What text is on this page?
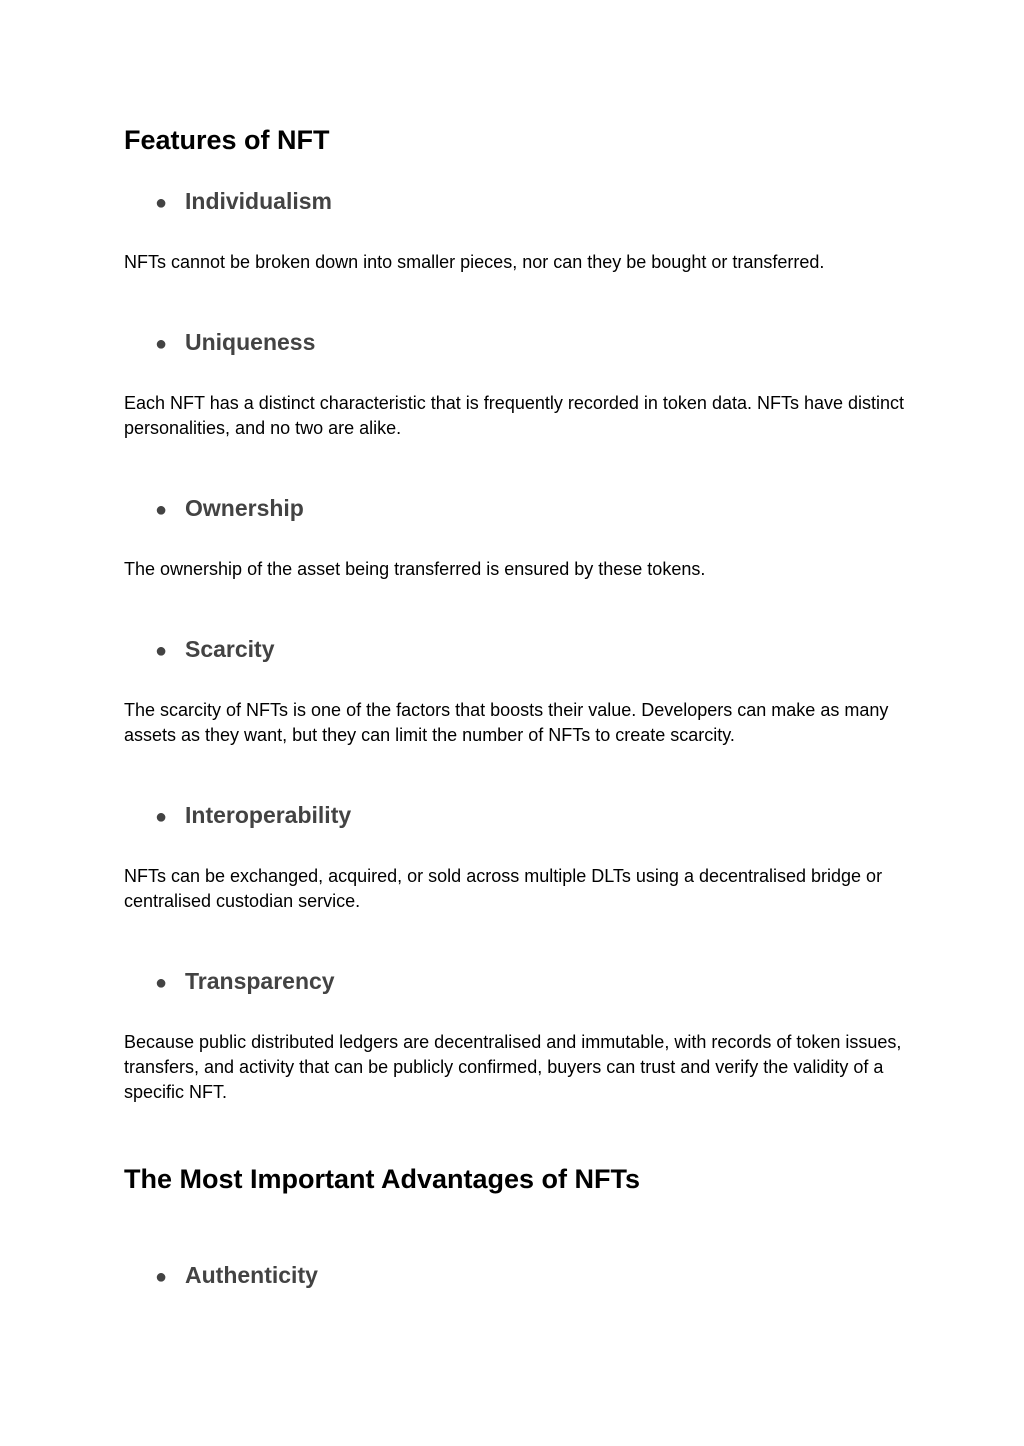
Features of NFT
● Individualism

NFTs cannot be broken down into smaller pieces, nor can they be bought or transferred.

● Uniqueness

Each NFT has a distinct characteristic that is frequently recorded in token data. NFTs have distinct personalities, and no two are alike.

● Ownership

The ownership of the asset being transferred is ensured by these tokens.

● Scarcity

The scarcity of NFTs is one of the factors that boosts their value. Developers can make as many assets as they want, but they can limit the number of NFTs to create scarcity.

● Interoperability

NFTs can be exchanged, acquired, or sold across multiple DLTs using a decentralised bridge or centralised custodian service.

● Transparency

Because public distributed ledgers are decentralised and immutable, with records of token issues, transfers, and activity that can be publicly confirmed, buyers can trust and verify the validity of a specific NFT.

The Most Important Advantages of NFTs
● Authenticity
